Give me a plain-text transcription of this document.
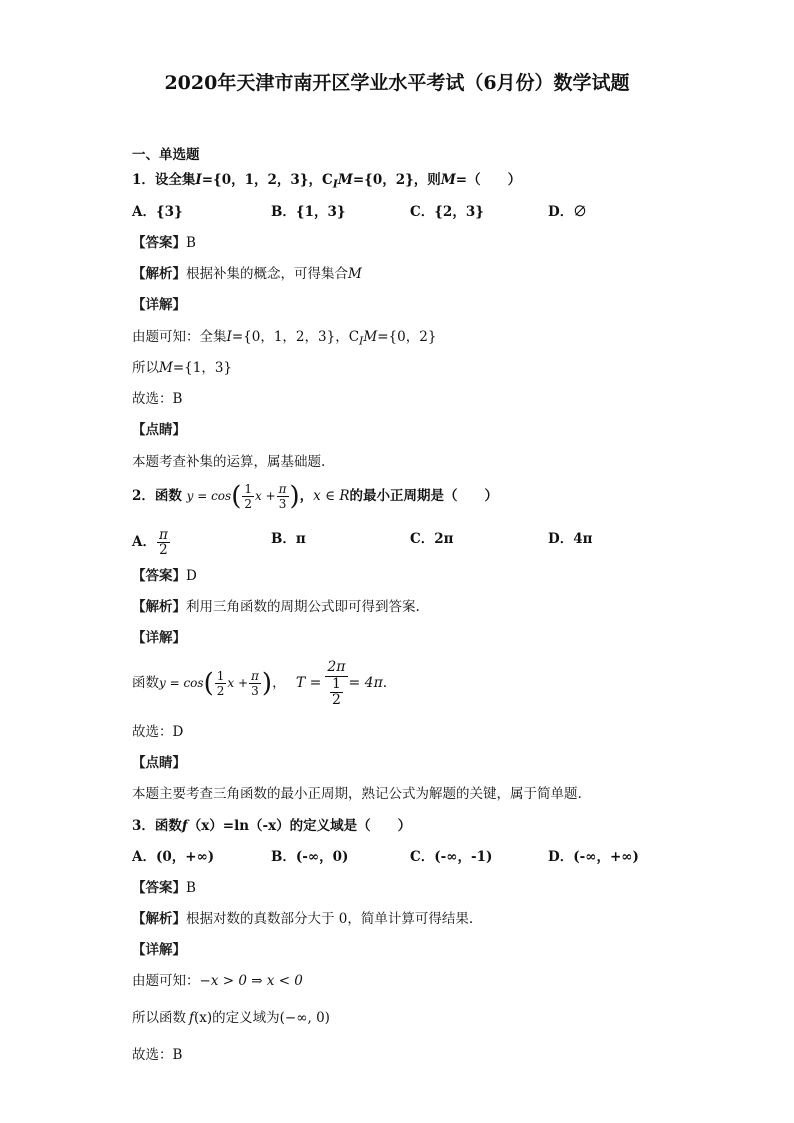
2020年天津市南开区学业水平考试（6月份）数学试题
一、单选题
1．设全集I={0，1，2，3}，$C_IM=\{0$，2}，则M=（　　）
A．{3}	B．{1，3}	C．{2，3}	D．∅
【答案】B
【解析】根据补集的概念，可得集合M
【详解】
由题可知：全集I={0，1，2，3}，$C_IM=\{0$，2}
所以M={1，3}
故选：B
【点睛】
本题考查补集的运算，属基础题.
2．函数 $y = \cos( \frac{1}{2}$ $x + \frac{\pi}{3}$ )，x ∈ R的最小正周期是（　　）
A． $\frac{\pi}{2}$	B．π	C．2π	D．4π
【答案】D
【解析】利用三角函数的周期公式即可得到答案.
【详解】
函数$y = \cos( \frac{1}{2}$ $x + \frac{\pi}{3}$ )， $T = \frac{2\pi}{\frac{1}{2}} = 4\pi$.
故选：D
【点睛】
本题主要考查三角函数的最小正周期，熟记公式为解题的关键，属于简单题.
3．函数f（x）=ln（-x）的定义域是（　　）
A．(0，+∞)	B．(-∞，0)	C．(-∞，-1)	D．(-∞，+∞)
【答案】B
【解析】根据对数的真数部分大于 0，简单计算可得结果.
【详解】
由题可知：−x > 0 ⇒ x < 0
所以函数 f(x)的定义域为(−∞, 0)
故选：B
